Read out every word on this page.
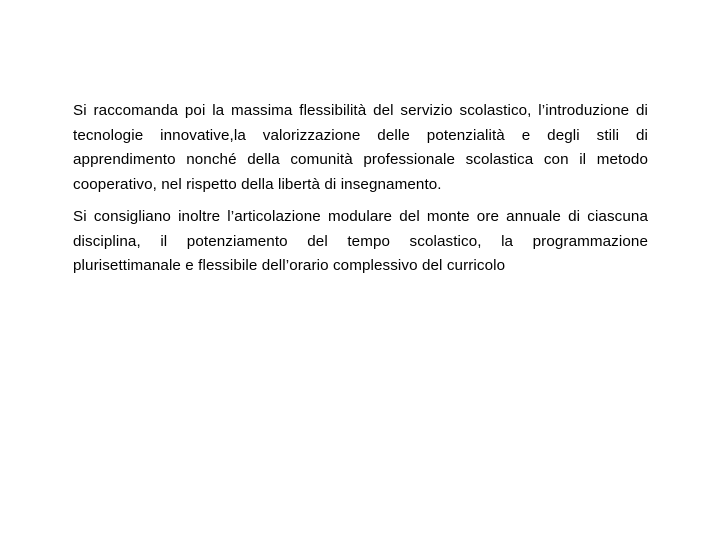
Si raccomanda poi la massima flessibilità del servizio scolastico, l’introduzione di tecnologie innovative,la valorizzazione delle potenzialità e degli stili di apprendimento nonché della comunità professionale scolastica con il metodo cooperativo, nel rispetto della libertà di insegnamento.

Si consigliano inoltre l’articolazione modulare del monte ore annuale di ciascuna disciplina, il potenziamento del tempo scolastico, la programmazione plurisettimanale e flessibile dell’orario complessivo del curricolo
